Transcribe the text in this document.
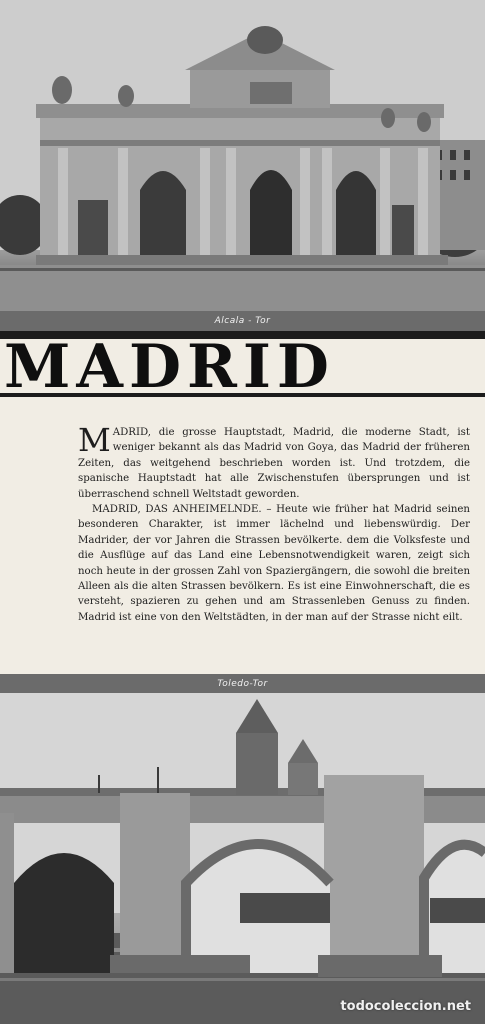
Alcala - Tor
MADRID

MADRID, die grosse Hauptstadt, Madrid, die moderne Stadt, ist weniger bekannt als das Madrid von Goya, das Madrid der früheren Zeiten, das weitgehend beschrieben worden ist. Und trotzdem, die spanische Hauptstadt hat alle Zwischenstufen übersprungen und ist überraschend schnell Weltstadt geworden.

MADRID, DAS ANHEIMELNDE. – Heute wie früher hat Madrid seinen besonderen Charakter, ist immer lächelnd und liebenswürdig. Der Madrider, der vor Jahren die Strassen bevölkerte. dem die Volksfeste und die Ausflüge auf das Land eine Lebensnotwendigkeit waren, zeigt sich noch heute in der grossen Zahl von Spaziergängern, die sowohl die breiten Alleen als die alten Strassen bevölkern. Es ist eine Einwohnerschaft, die es versteht, spazieren zu gehen und am Strassenleben Genuss zu finden. Madrid ist eine von den Weltstädten, in der man auf der Strasse nicht eilt.

Toledo-Tor
todocoleccion.net
